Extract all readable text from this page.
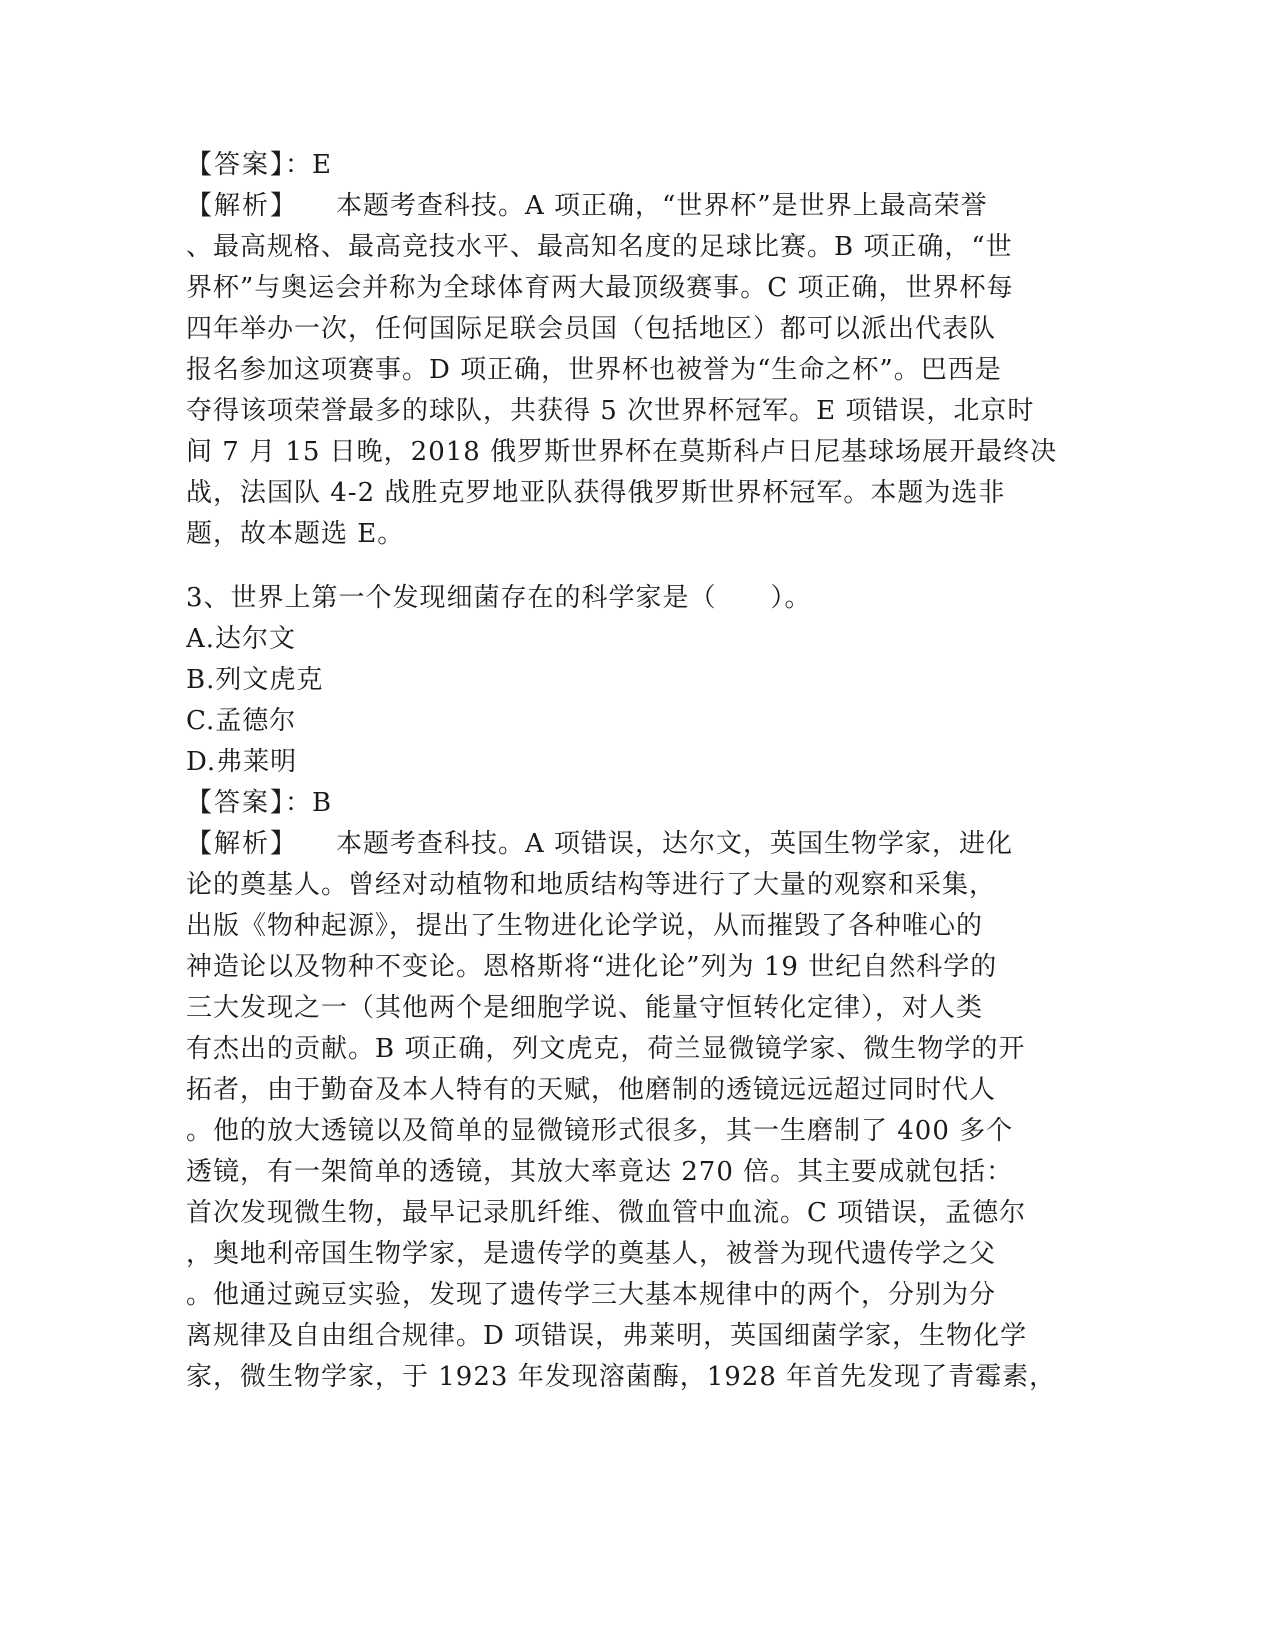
【答案】：E
【解析】 本题考查科技。A 项正确，“世界杯”是世界上最高荣誉
、最高规格、最高竞技水平、最高知名度的足球比赛。B 项正确，“世
界杯”与奥运会并称为全球体育两大最顶级赛事。C 项正确，世界杯每
四年举办一次，任何国际足联会员国（包括地区）都可以派出代表队
报名参加这项赛事。D 项正确，世界杯也被誉为“生命之杯”。巴西是
夺得该项荣誉最多的球队，共获得 5 次世界杯冠军。E 项错误，北京时
间 7 月 15 日晚，2018 俄罗斯世界杯在莫斯科卢日尼基球场展开最终决
战，法国队 4-2 战胜克罗地亚队获得俄罗斯世界杯冠军。本题为选非
题，故本题选 E。
3、世界上第一个发现细菌存在的科学家是（　　）。
A.达尔文
B.列文虎克
C.孟德尔
D.弗莱明
【答案】：B
【解析】 本题考查科技。A 项错误，达尔文，英国生物学家，进化
论的奠基人。曾经对动植物和地质结构等进行了大量的观察和采集，
出版《物种起源》，提出了生物进化论学说，从而摧毁了各种唯心的
神造论以及物种不变论。恩格斯将“进化论”列为 19 世纪自然科学的
三大发现之一（其他两个是细胞学说、能量守恒转化定律），对人类
有杰出的贡献。B 项正确，列文虎克，荷兰显微镜学家、微生物学的开
拓者，由于勤奋及本人特有的天赋，他磨制的透镜远远超过同时代人
。他的放大透镜以及简单的显微镜形式很多，其一生磨制了 400 多个
透镜，有一架简单的透镜，其放大率竟达 270 倍。其主要成就包括：
首次发现微生物，最早记录肌纤维、微血管中血流。C 项错误，孟德尔
，奥地利帝国生物学家，是遗传学的奠基人，被誉为现代遗传学之父
。他通过豌豆实验，发现了遗传学三大基本规律中的两个，分别为分
离规律及自由组合规律。D 项错误，弗莱明，英国细菌学家，生物化学
家，微生物学家，于 1923 年发现溶菌酶，1928 年首先发现了青霉素，
